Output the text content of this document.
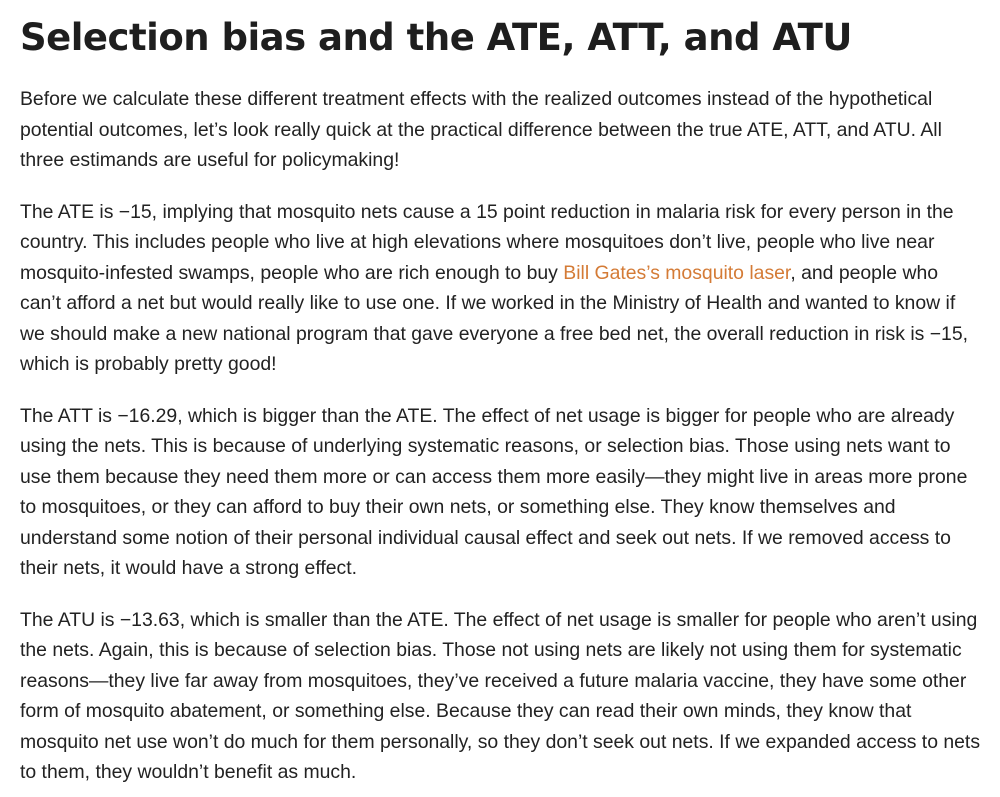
Selection bias and the ATE, ATT, and ATU

Before we calculate these different treatment effects with the realized outcomes instead of the hypothetical potential outcomes, let’s look really quick at the practical difference between the true ATE, ATT, and ATU. All three estimands are useful for policymaking!

The ATE is −15, implying that mosquito nets cause a 15 point reduction in malaria risk for every person in the country. This includes people who live at high elevations where mosquitoes don’t live, people who live near mosquito-infested swamps, people who are rich enough to buy Bill Gates’s mosquito laser, and people who can’t afford a net but would really like to use one. If we worked in the Ministry of Health and wanted to know if we should make a new national program that gave everyone a free bed net, the overall reduction in risk is −15, which is probably pretty good!

The ATT is −16.29, which is bigger than the ATE. The effect of net usage is bigger for people who are already using the nets. This is because of underlying systematic reasons, or selection bias. Those using nets want to use them because they need them more or can access them more easily—they might live in areas more prone to mosquitoes, or they can afford to buy their own nets, or something else. They know themselves and understand some notion of their personal individual causal effect and seek out nets. If we removed access to their nets, it would have a strong effect.

The ATU is −13.63, which is smaller than the ATE. The effect of net usage is smaller for people who aren’t using the nets. Again, this is because of selection bias. Those not using nets are likely not using them for systematic reasons—they live far away from mosquitoes, they’ve received a future malaria vaccine, they have some other form of mosquito abatement, or something else. Because they can read their own minds, they know that mosquito net use won’t do much for them personally, so they don’t seek out nets. If we expanded access to nets to them, they wouldn’t benefit as much.
